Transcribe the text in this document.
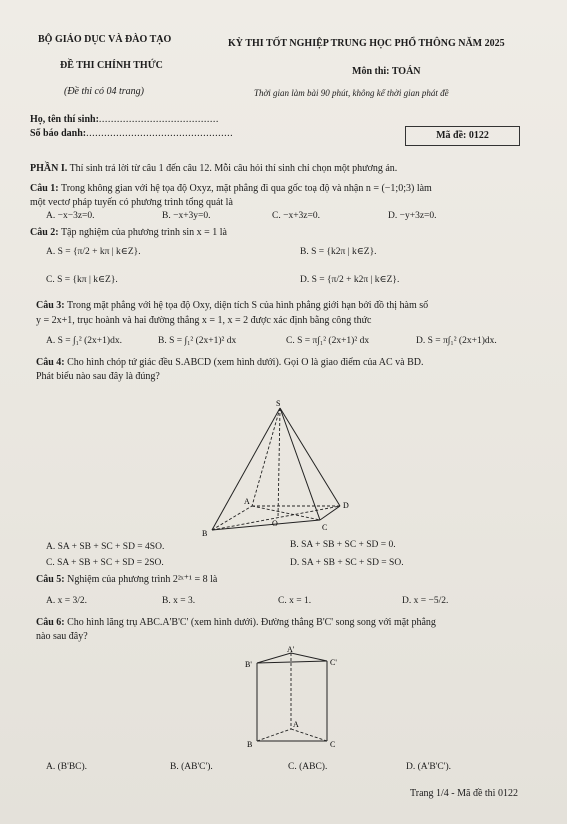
BỘ GIÁO DỤC VÀ ĐÀO TẠO	KỲ THI TỐT NGHIỆP TRUNG HỌC PHỔ THÔNG NĂM 2025
ĐỀ THI CHÍNH THỨC
Môn thi: TOÁN
(Đề thi có 04 trang)	Thời gian làm bài 90 phút, không kể thời gian phát đề
Họ, tên thí sinh:........................................
Số báo danh:.................................................	Mã đề: 0122
PHẦN I. Thí sinh trả lời từ câu 1 đến câu 12. Mỗi câu hỏi thí sinh chỉ chọn một phương án.
Câu 1: Trong không gian với hệ tọa độ Oxyz, mặt phẳng đi qua gốc toạ độ và nhận n = (−1;0;3) làm
một vectơ pháp tuyến có phương trình tổng quát là
A. −x−3z=0.	B. −x+3y=0.	C. −x+3z=0.	D. −y+3z=0.
Câu 2: Tập nghiệm của phương trình sin x = 1 là
A. S = {π/2 + kπ | k∈Z}.	B. S = {k2π | k∈Z}.
C. S = {kπ | k∈Z}.	D. S = {π/2 + k2π | k∈Z}.
Câu 3: Trong mặt phẳng với hệ tọa độ Oxy, diện tích S của hình phẳng giới hạn bởi đồ thị hàm số
y = 2x+1, trục hoành và hai đường thẳng x = 1, x = 2 được xác định bằng công thức
A. S = ∫₁² (2x+1)dx.	B. S = ∫₁² (2x+1)² dx	C. S = π∫₁² (2x+1)² dx	D. S = π∫₁² (2x+1)dx.
Câu 4: Cho hình chóp tứ giác đều S.ABCD (xem hình dưới). Gọi O là giao điểm của AC và BD.
Phát biểu nào sau đây là đúng?
S
A
B
C
D
O
A. SA + SB + SC + SD = 4SO.	B. SA + SB + SC + SD = 0.
C. SA + SB + SC + SD = 2SO.	D. SA + SB + SC + SD = SO.
Câu 5: Nghiệm của phương trình 2²ˣ⁺¹ = 8 là
A. x = 3/2.	B. x = 3.	C. x = 1.	D. x = −5/2.
Câu 6: Cho hình lăng trụ ABC.A'B'C' (xem hình dưới). Đường thẳng B'C' song song với mặt phẳng
nào sau đây?
A'
B'	C'
A
B	C
A. (B'BC).	B. (AB'C').	C. (ABC).	D. (A'B'C').
Trang 1/4 - Mã đề thi 0122
